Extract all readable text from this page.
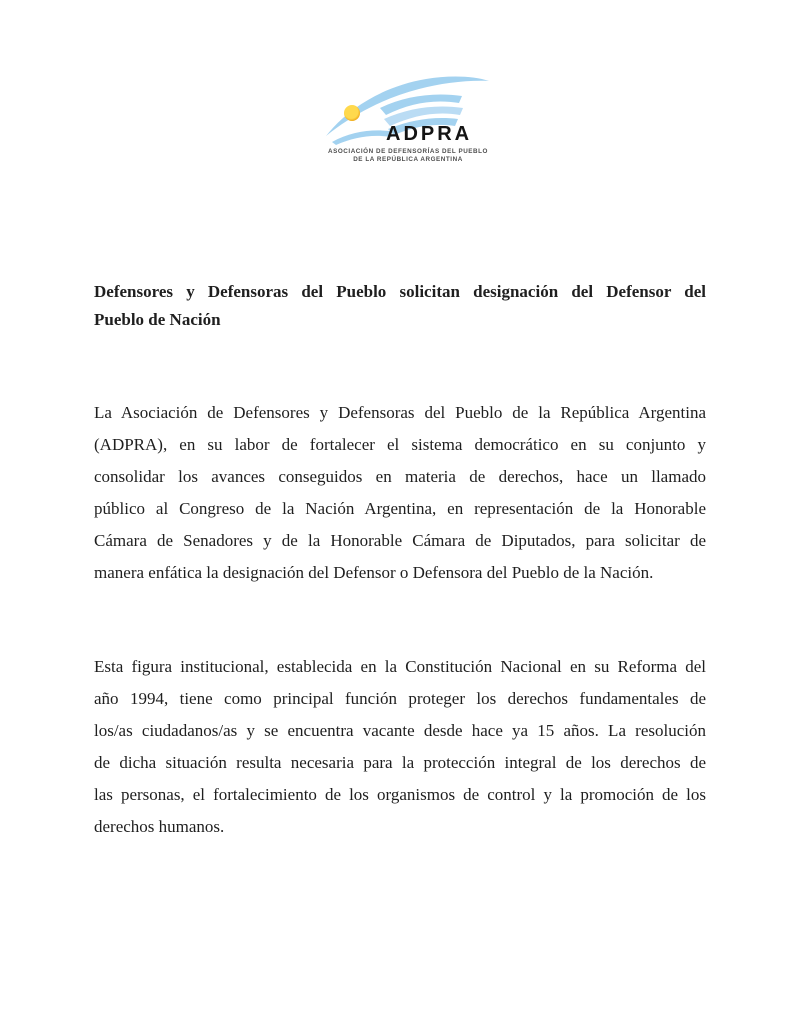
ADPRA
ASOCIACIÓN DE DEFENSORÍAS DEL PUEBLO
DE LA REPÚBLICA ARGENTINA
Defensores y Defensoras del Pueblo solicitan designación del Defensor del
Pueblo de Nación
La Asociación de Defensores y Defensoras del Pueblo de la República Argentina
(ADPRA), en su labor de fortalecer el sistema democrático en su conjunto y
consolidar los avances conseguidos en materia de derechos, hace un llamado
público al Congreso de la Nación Argentina, en representación de la Honorable
Cámara de Senadores y de la Honorable Cámara de Diputados, para solicitar de
manera enfática la designación del Defensor o Defensora del Pueblo de la Nación.
Esta figura institucional, establecida en la Constitución Nacional en su Reforma del
año 1994, tiene como principal función proteger los derechos fundamentales de
los/as ciudadanos/as y se encuentra vacante desde hace ya 15 años. La resolución
de dicha situación resulta necesaria para la protección integral de los derechos de
las personas, el fortalecimiento de los organismos de control y la promoción de los
derechos humanos.
